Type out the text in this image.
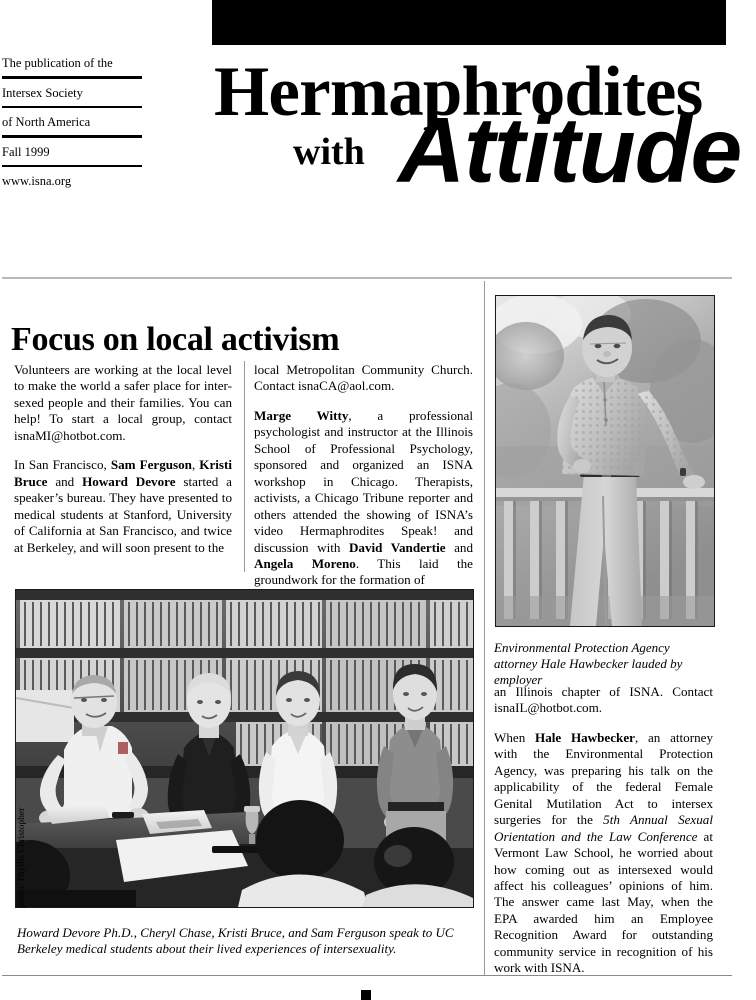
The publication of the
Intersex Society
of North America
Fall 1999
www.isna.org
Hermaphrodites
with Attitude
Focus on local activism

Volunteers are working at the local level to make the world a safer place for inter-sexed people and their families. You can help! To start a local group, contact isnaMI@hotbot.com.

In San Francisco, Sam Ferguson, Kristi Bruce and Howard Devore started a speaker’s bureau. They have presented to medical students at Stanford, University of California at San Francisco, and twice at Berkeley, and will soon present to the

local Metropolitan Community Church. Contact isnaCA@aol.com.

Marge Witty, a professional psychologist and instructor at the Illinois School of Professional Psychology, sponsored and organized an ISNA workshop in Chicago. Therapists, activists, a Chicago Tribune reporter and others attended the showing of ISNA’s video Hermaphrodites Speak! and discussion with David Vandertie and Angela Moreno. This laid the groundwork for the formation of

Environmental Protection Agency attorney Hale Hawbecker lauded by employer

an Illinois chapter of ISNA. Contact isnaIL@hotbot.com.

When Hale Hawbecker, an attorney with the Environmental Protection Agency, was preparing his talk on the applicability of the federal Female Genital Mutilation Act to intersex surgeries for the 5th Annual Sexual Orientation and the Law Conference at Vermont Law School, he worried about how coming out as intersexed would affect his colleagues’ opinions of him. The answer came last May, when the EPA awarded him an Employee Recognition Award for outstanding community service in recognition of his work with ISNA.

photo: Phyllis Christopher
Howard Devore Ph.D., Cheryl Chase, Kristi Bruce, and Sam Ferguson speak to UC Berkeley medical students about their lived experiences of intersexuality.
